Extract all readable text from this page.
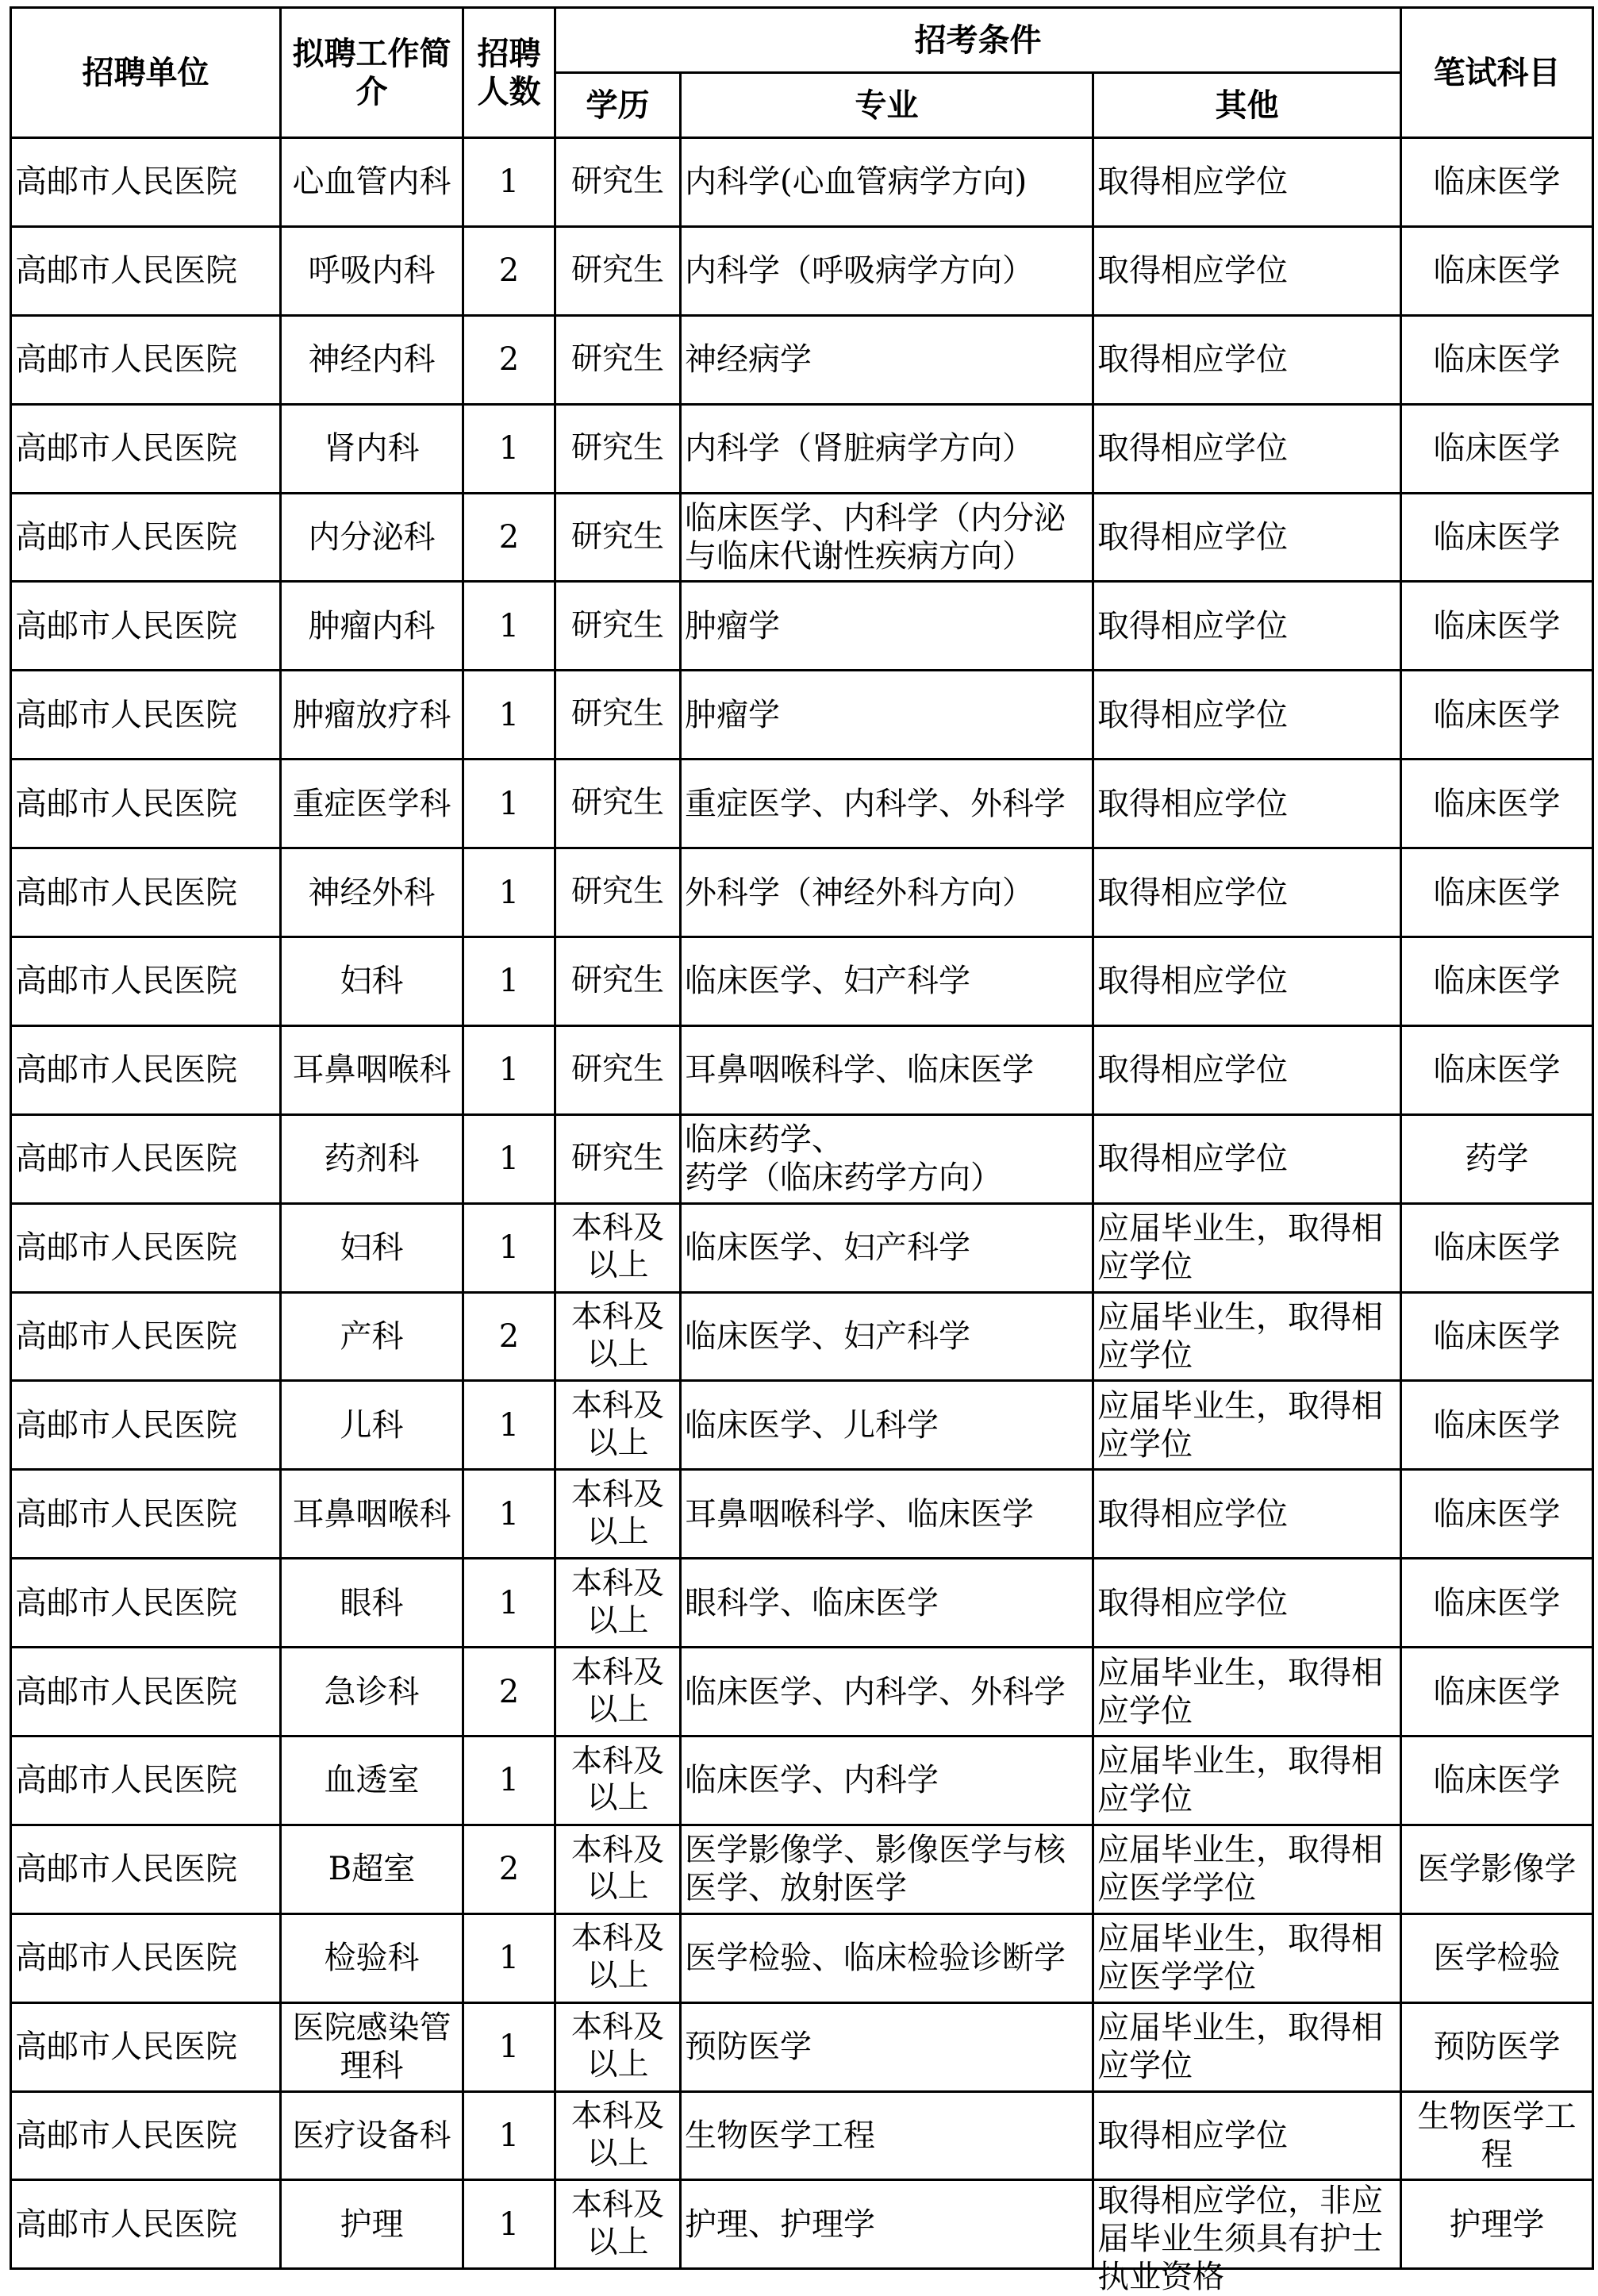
招聘单位	拟聘工作简介	招聘人数	招考条件			笔试科目
			学历	专业	其他	

高邮市人民医院	心血管内科	1	研究生	内科学(心血管病学方向)	取得相应学位	临床医学

高邮市人民医院	呼吸内科	2	研究生	内科学（呼吸病学方向）	取得相应学位	临床医学

高邮市人民医院	神经内科	2	研究生	神经病学	取得相应学位	临床医学

高邮市人民医院	肾内科	1	研究生	内科学（肾脏病学方向）	取得相应学位	临床医学

高邮市人民医院	内分泌科	2	研究生	临床医学、内科学（内分泌与临床代谢性疾病方向）	取得相应学位	临床医学

高邮市人民医院	肿瘤内科	1	研究生	肿瘤学	取得相应学位	临床医学

高邮市人民医院	肿瘤放疗科	1	研究生	肿瘤学	取得相应学位	临床医学

高邮市人民医院	重症医学科	1	研究生	重症医学、内科学、外科学	取得相应学位	临床医学

高邮市人民医院	神经外科	1	研究生	外科学（神经外科方向）	取得相应学位	临床医学

高邮市人民医院	妇科	1	研究生	临床医学、妇产科学	取得相应学位	临床医学

高邮市人民医院	耳鼻咽喉科	1	研究生	耳鼻咽喉科学、临床医学	取得相应学位	临床医学

高邮市人民医院	药剂科	1	研究生	临床药学、
药学（临床药学方向）	取得相应学位	药学

高邮市人民医院	妇科	1	本科及以上	临床医学、妇产科学	应届毕业生，取得相应学位	临床医学

高邮市人民医院	产科	2	本科及以上	临床医学、妇产科学	应届毕业生，取得相应学位	临床医学

高邮市人民医院	儿科	1	本科及以上	临床医学、儿科学	应届毕业生，取得相应学位	临床医学

高邮市人民医院	耳鼻咽喉科	1	本科及以上	耳鼻咽喉科学、临床医学	取得相应学位	临床医学

高邮市人民医院	眼科	1	本科及以上	眼科学、临床医学	取得相应学位	临床医学

高邮市人民医院	急诊科	2	本科及以上	临床医学、内科学、外科学	应届毕业生，取得相应学位	临床医学

高邮市人民医院	血透室	1	本科及以上	临床医学、内科学	应届毕业生，取得相应学位	临床医学

高邮市人民医院	B超室	2	本科及以上	医学影像学、影像医学与核医学、放射医学	应届毕业生，取得相应医学学位	医学影像学

高邮市人民医院	检验科	1	本科及以上	医学检验、临床检验诊断学	应届毕业生，取得相应医学学位	医学检验

高邮市人民医院	医院感染管理科	1	本科及以上	预防医学	应届毕业生，取得相应学位	预防医学

高邮市人民医院	医疗设备科	1	本科及以上	生物医学工程	取得相应学位	生物医学工程

高邮市人民医院	护理	1	本科及以上	护理、护理学	取得相应学位，非应届毕业生须具有护士执业资格	护理学
